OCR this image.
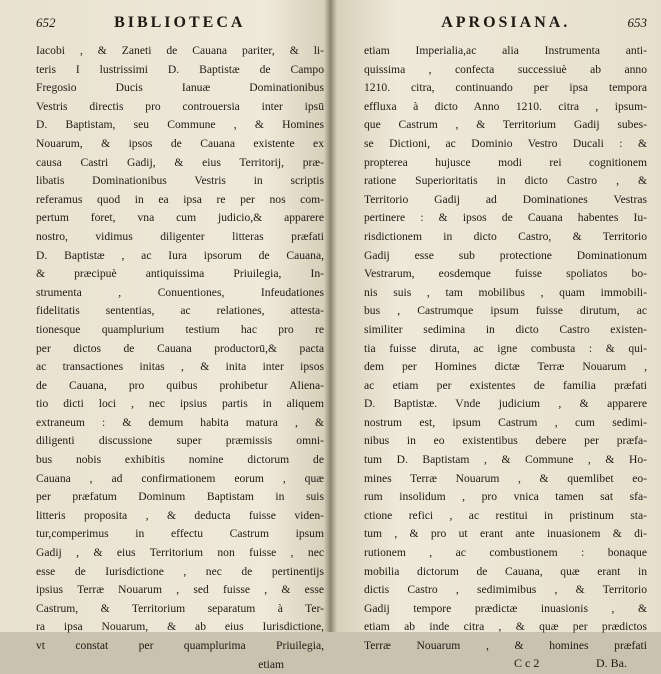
652	BIBLIOTECA
Iacobi , & Zaneti de Cauana pariter, & li-
teris I lustrissimi D. Baptistæ de Campo
Fregosio Ducis Ianuæ Dominationibus
Vestris directis pro controuersia inter ipsū
D. Baptistam, seu Commune , & Homines
Nouarum, & ipsos de Cauana existente ex
causa Castri Gadij, & eius Territorij, præ-
libatis Dominationibus Vestris in scriptis
referamus quod in ea ipsa re per nos com-
pertum foret, vna cum judicio,& apparere
nostro, vidimus diligenter litteras præfati
D. Baptistæ , ac Iura ipsorum de Cauana,
& præcipuè antiquissima Priuilegia, In-
strumenta , Conuentiones, Infeudationes
fidelitatis sententias, ac relationes, attesta-
tionesque quamplurium testium hac pro re
per dictos de Cauana productorū,& pacta
ac transactiones initas , & inita inter ipsos
de Cauana, pro quibus prohibetur Aliena-
tio dicti loci , nec ipsius partis in aliquem
extraneum : & demum habita matura , &
diligenti discussione super præmissis omni-
bus nobis exhibitis nomine dictorum de
Cauana , ad confirmationem eorum , quæ
per præfatum Dominum Baptistam in suis
litteris proposita , & deducta fuisse viden-
tur,comperimus in effectu Castrum ipsum
Gadij , & eius Territorium non fuisse , nec
esse de Iurisdictione , nec de pertinentijs
ipsius Terræ Nouarum , sed fuisse , & esse
Castrum, & Territorium separatum à Ter-
ra ipsa Nouarum, & ab eius Iurisdictione,
vt constat per quamplurima Priuilegia,
etiam
APROSIANA.	653
etiam Imperialia,ac alia Instrumenta anti-
quissima , confecta successiuè ab anno
1210. citra, continuando per ipsa tempora
effluxa à dicto Anno 1210. citra , ipsum-
que Castrum , & Territorium Gadij subes-
se Dictioni, ac Dominio Vestro Ducali : &
propterea hujusce modi rei cognitionem
ratione Superioritatis in dicto Castro , &
Territorio Gadij ad Dominationes Vestras
pertinere : & ipsos de Cauana habentes Iu-
risdictionem in dicto Castro, & Territorio
Gadij esse sub protectione Dominationum
Vestrarum, eosdemque fuisse spoliatos bo-
nis suis , tam mobilibus , quam immobili-
bus , Castrumque ipsum fuisse dirutum, ac
similiter sedimina in dicto Castro existen-
tia fuisse diruta, ac igne combusta : & qui-
dem per Homines dictæ Terræ Nouarum ,
ac etiam per existentes de familia præfati
D. Baptistæ. Vnde judicium , & apparere
nostrum est, ipsum Castrum , cum sedimi-
nibus in eo existentibus debere per præfa-
tum D. Baptistam , & Commune , & Ho-
mines Terræ Nouarum , & quemlibet eo-
rum insolidum , pro vnica tamen sat sfa-
ctione refici , ac restitui in pristinum sta-
tum , & pro ut erant ante inuasionem & di-
rutionem , ac combustionem : bonaque
mobilia dictorum de Cauana, quæ erant in
dictis Castro , sedimimibus , & Territorio
Gadij tempore prædictæ inuasionis , &
etiam ab inde citra , & quæ per prædictos
Terræ Nouarum , & homines præfati
C c 2	D. Ba.
